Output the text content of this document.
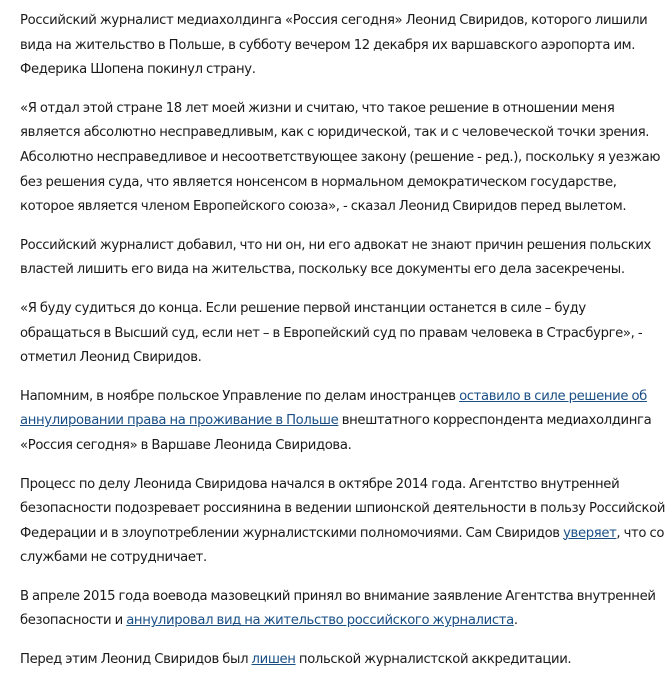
Российский журналист медиахолдинга «Россия сегодня» Леонид Свиридов, которого лишили вида на жительство в Польше, в субботу вечером 12 декабря их варшавского аэропорта им. Федерика Шопена покинул страну.

«Я отдал этой стране 18 лет моей жизни и считаю, что такое решение в отношении меня является абсолютно несправедливым, как с юридической, так и с человеческой точки зрения. Абсолютно несправедливое и несоответствующее закону (решение - ред.), поскольку я уезжаю без решения суда, что является нонсенсом в нормальном демократическом государстве, которое является членом Европейского союза», - сказал Леонид Свиридов перед вылетом.

Российский журналист добавил, что ни он, ни его адвокат не знают причин решения польских властей лишить его вида на жительства, поскольку все документы его дела засекречены.

«Я буду судиться до конца. Если решение первой инстанции останется в силе – буду обращаться в Высший суд, если нет – в Европейский суд по правам человека в Страсбурге», - отметил Леонид Свиридов.

Напомним, в ноябре польское Управление по делам иностранцев оставило в силе решение об аннулировании права на проживание в Польше внештатного корреспондента медиахолдинга «Россия сегодня» в Варшаве Леонида Свиридова.

Процесс по делу Леонида Свиридова начался в октябре 2014 года. Агентство внутренней безопасности подозревает россиянина в ведении шпионской деятельности в пользу Российской Федерации и в злоупотреблении журналистскими полномочиями. Сам Свиридов уверяет, что со службами не сотрудничает.

В апреле 2015 года воевода мазовецкий принял во внимание заявление Агентства внутренней безопасности и аннулировал вид на жительство российского журналиста.

Перед этим Леонид Свиридов был лишен польской журналистской аккредитации.
